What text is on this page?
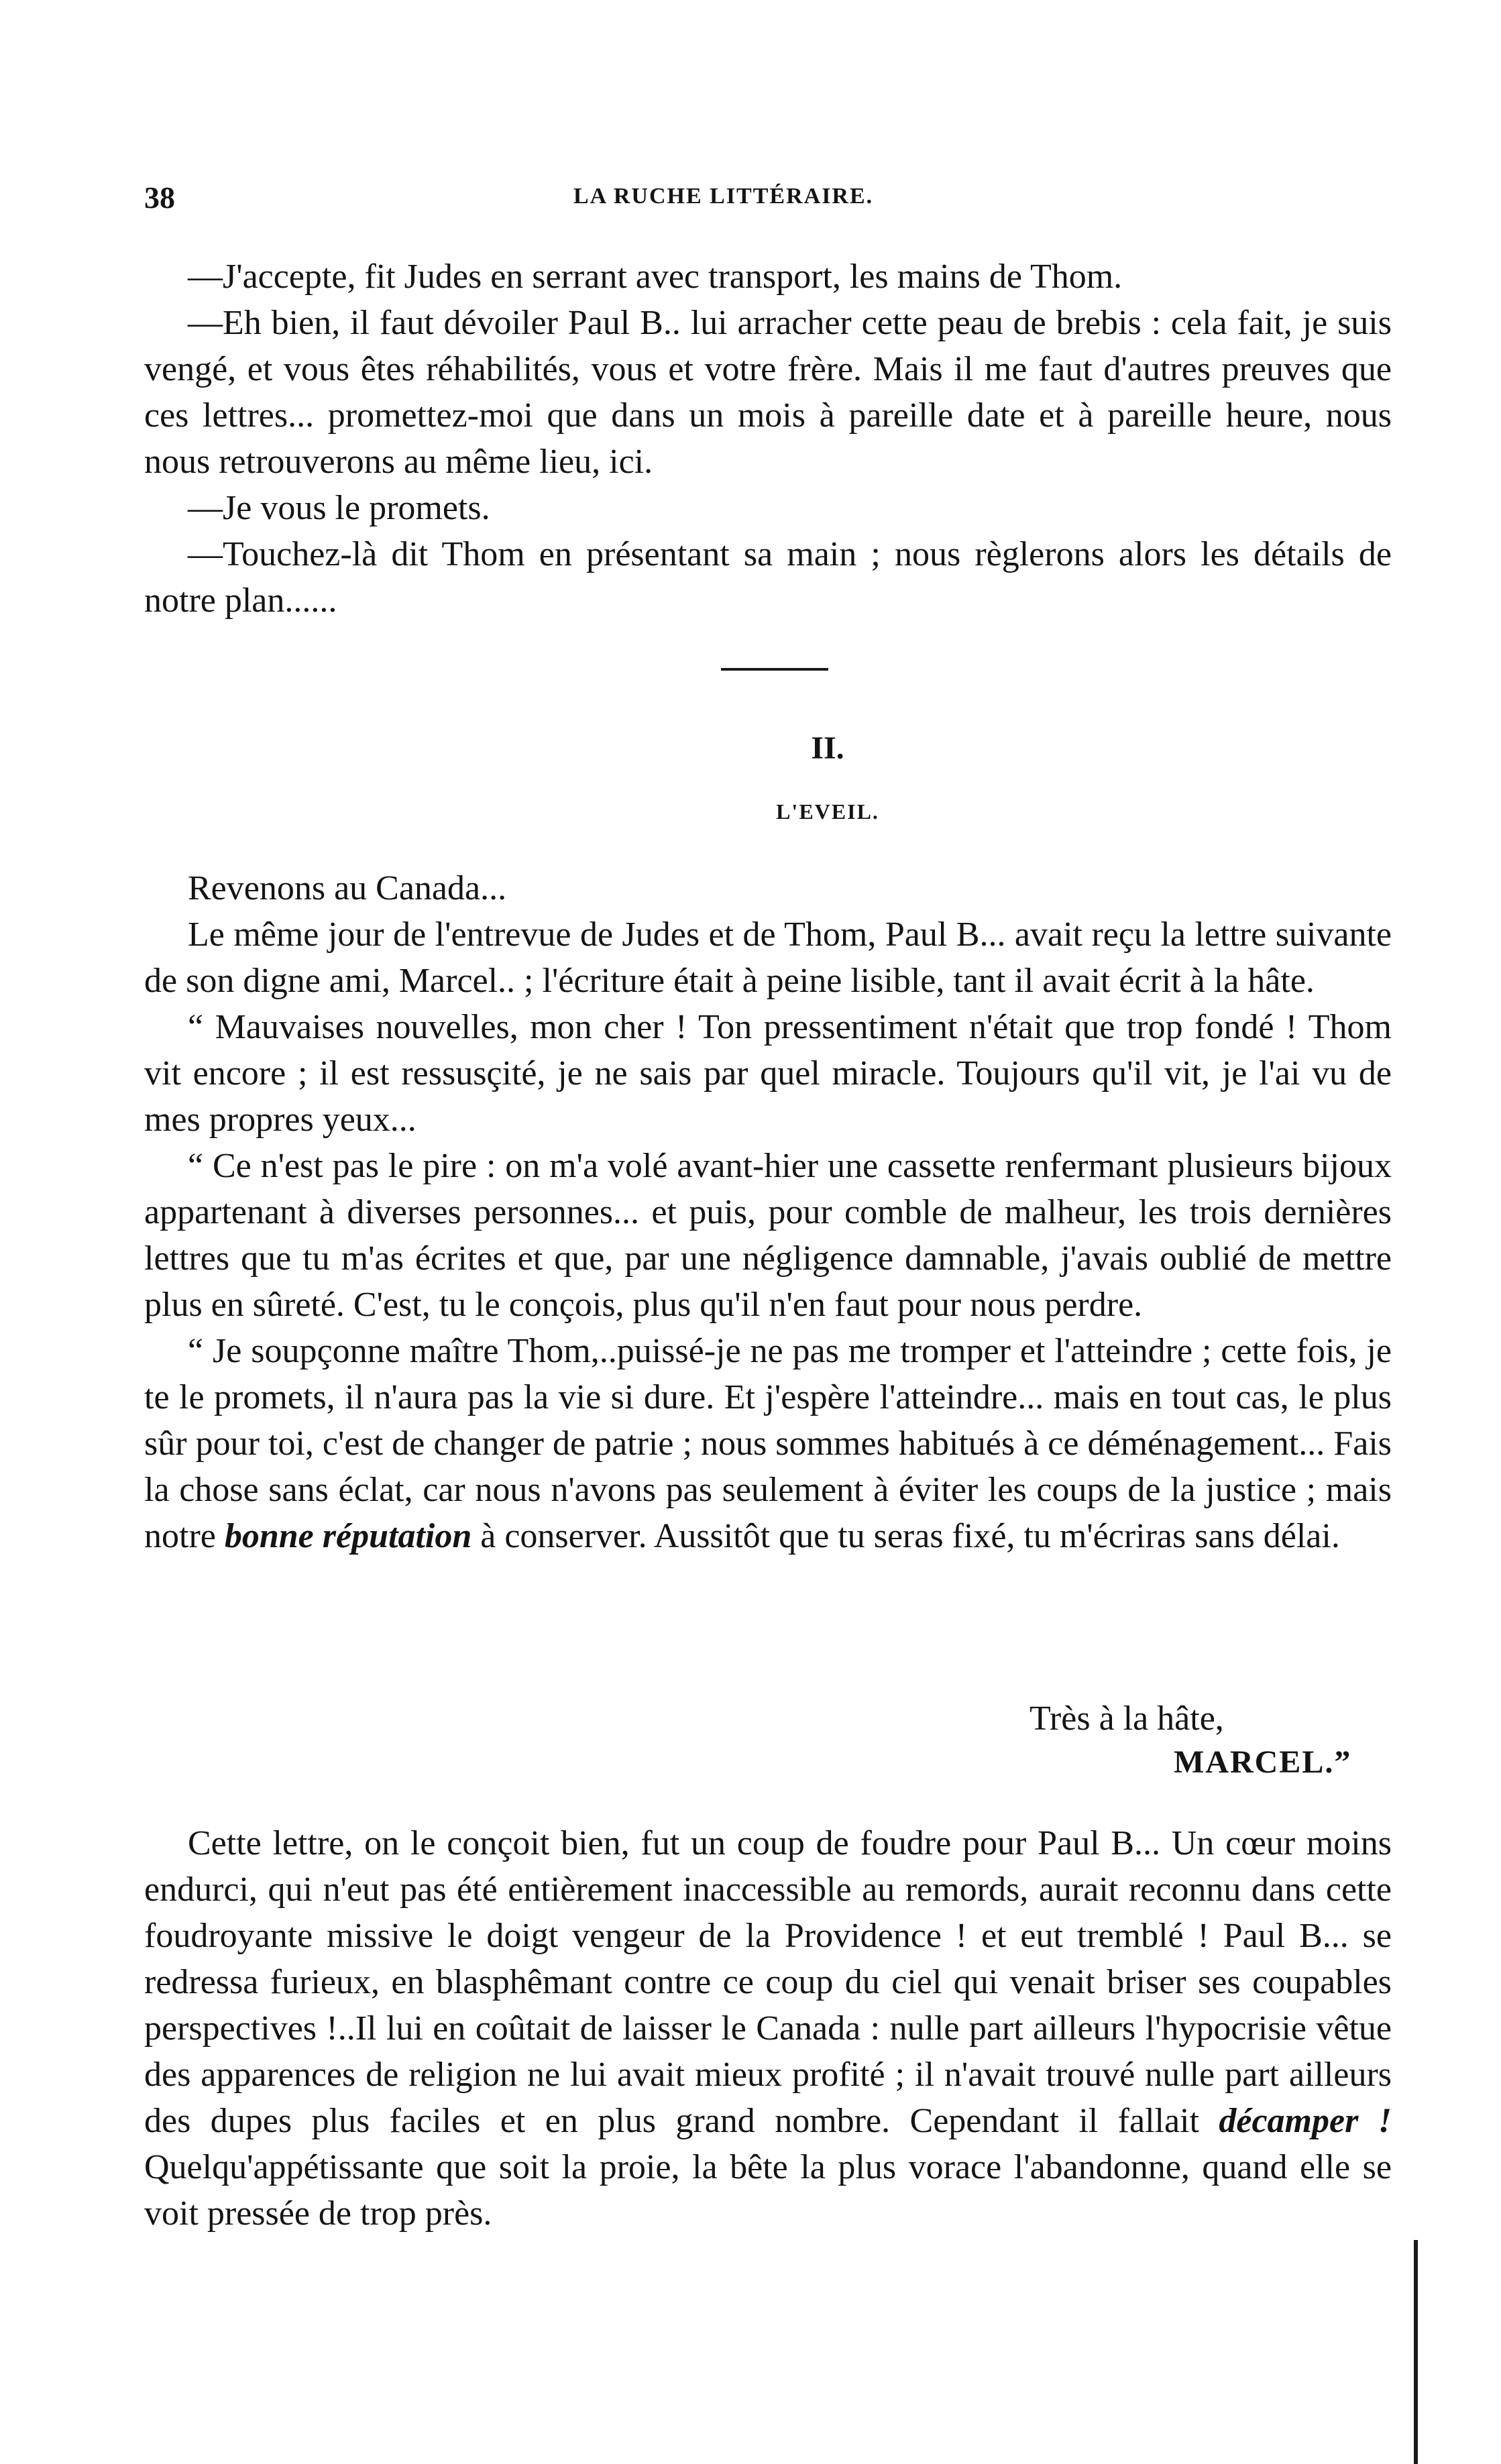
38	LA RUCHE LITTÉRAIRE.

—J'accepte, fit Judes en serrant avec transport, les mains de Thom.

—Eh bien, il faut dévoiler Paul B.. lui arracher cette peau de brebis : cela fait, je suis vengé, et vous êtes réhabilités, vous et votre frère. Mais il me faut d'autres preuves que ces lettres... promettez-moi que dans un mois à pareille date et à pareille heure, nous nous retrouverons au même lieu, ici.

—Je vous le promets.

—Touchez-là dit Thom en présentant sa main ; nous règlerons alors les détails de notre plan......

II.
L'EVEIL.

Revenons au Canada...

Le même jour de l'entrevue de Judes et de Thom, Paul B... avait reçu la lettre suivante de son digne ami, Marcel.. ; l'écriture était à peine lisible, tant il avait écrit à la hâte.

“ Mauvaises nouvelles, mon cher ! Ton pressentiment n'était que trop fondé ! Thom vit encore ; il est ressusçité, je ne sais par quel miracle. Toujours qu'il vit, je l'ai vu de mes propres yeux...

“ Ce n'est pas le pire : on m'a volé avant-hier une cassette renfermant plusieurs bijoux appartenant à diverses personnes... et puis, pour comble de malheur, les trois dernières lettres que tu m'as écrites et que, par une négligence damnable, j'avais oublié de mettre plus en sûreté. C'est, tu le conçois, plus qu'il n'en faut pour nous perdre.

“ Je soupçonne maître Thom,..puissé-je ne pas me tromper et l'atteindre ; cette fois, je te le promets, il n'aura pas la vie si dure. Et j'espère l'atteindre... mais en tout cas, le plus sûr pour toi, c'est de changer de patrie ; nous sommes habitués à ce déménagement... Fais la chose sans éclat, car nous n'avons pas seulement à éviter les coups de la justice ; mais notre bonne réputation à conserver. Aussitôt que tu seras fixé, tu m'écriras sans délai.

Très à la hâte,
MARCEL.”

Cette lettre, on le conçoit bien, fut un coup de foudre pour Paul B... Un cœur moins endurci, qui n'eut pas été entièrement inaccessible au remords, aurait reconnu dans cette foudroyante missive le doigt vengeur de la Providence ! et eut tremblé ! Paul B... se redressa furieux, en blasphêmant contre ce coup du ciel qui venait briser ses coupables perspectives !..Il lui en coûtait de laisser le Canada : nulle part ailleurs l'hypocrisie vêtue des apparences de religion ne lui avait mieux profité ; il n'avait trouvé nulle part ailleurs des dupes plus faciles et en plus grand nombre. Cependant il fallait décamper ! Quelqu'appétissante que soit la proie, la bête la plus vorace l'abandonne, quand elle se voit pressée de trop près.
